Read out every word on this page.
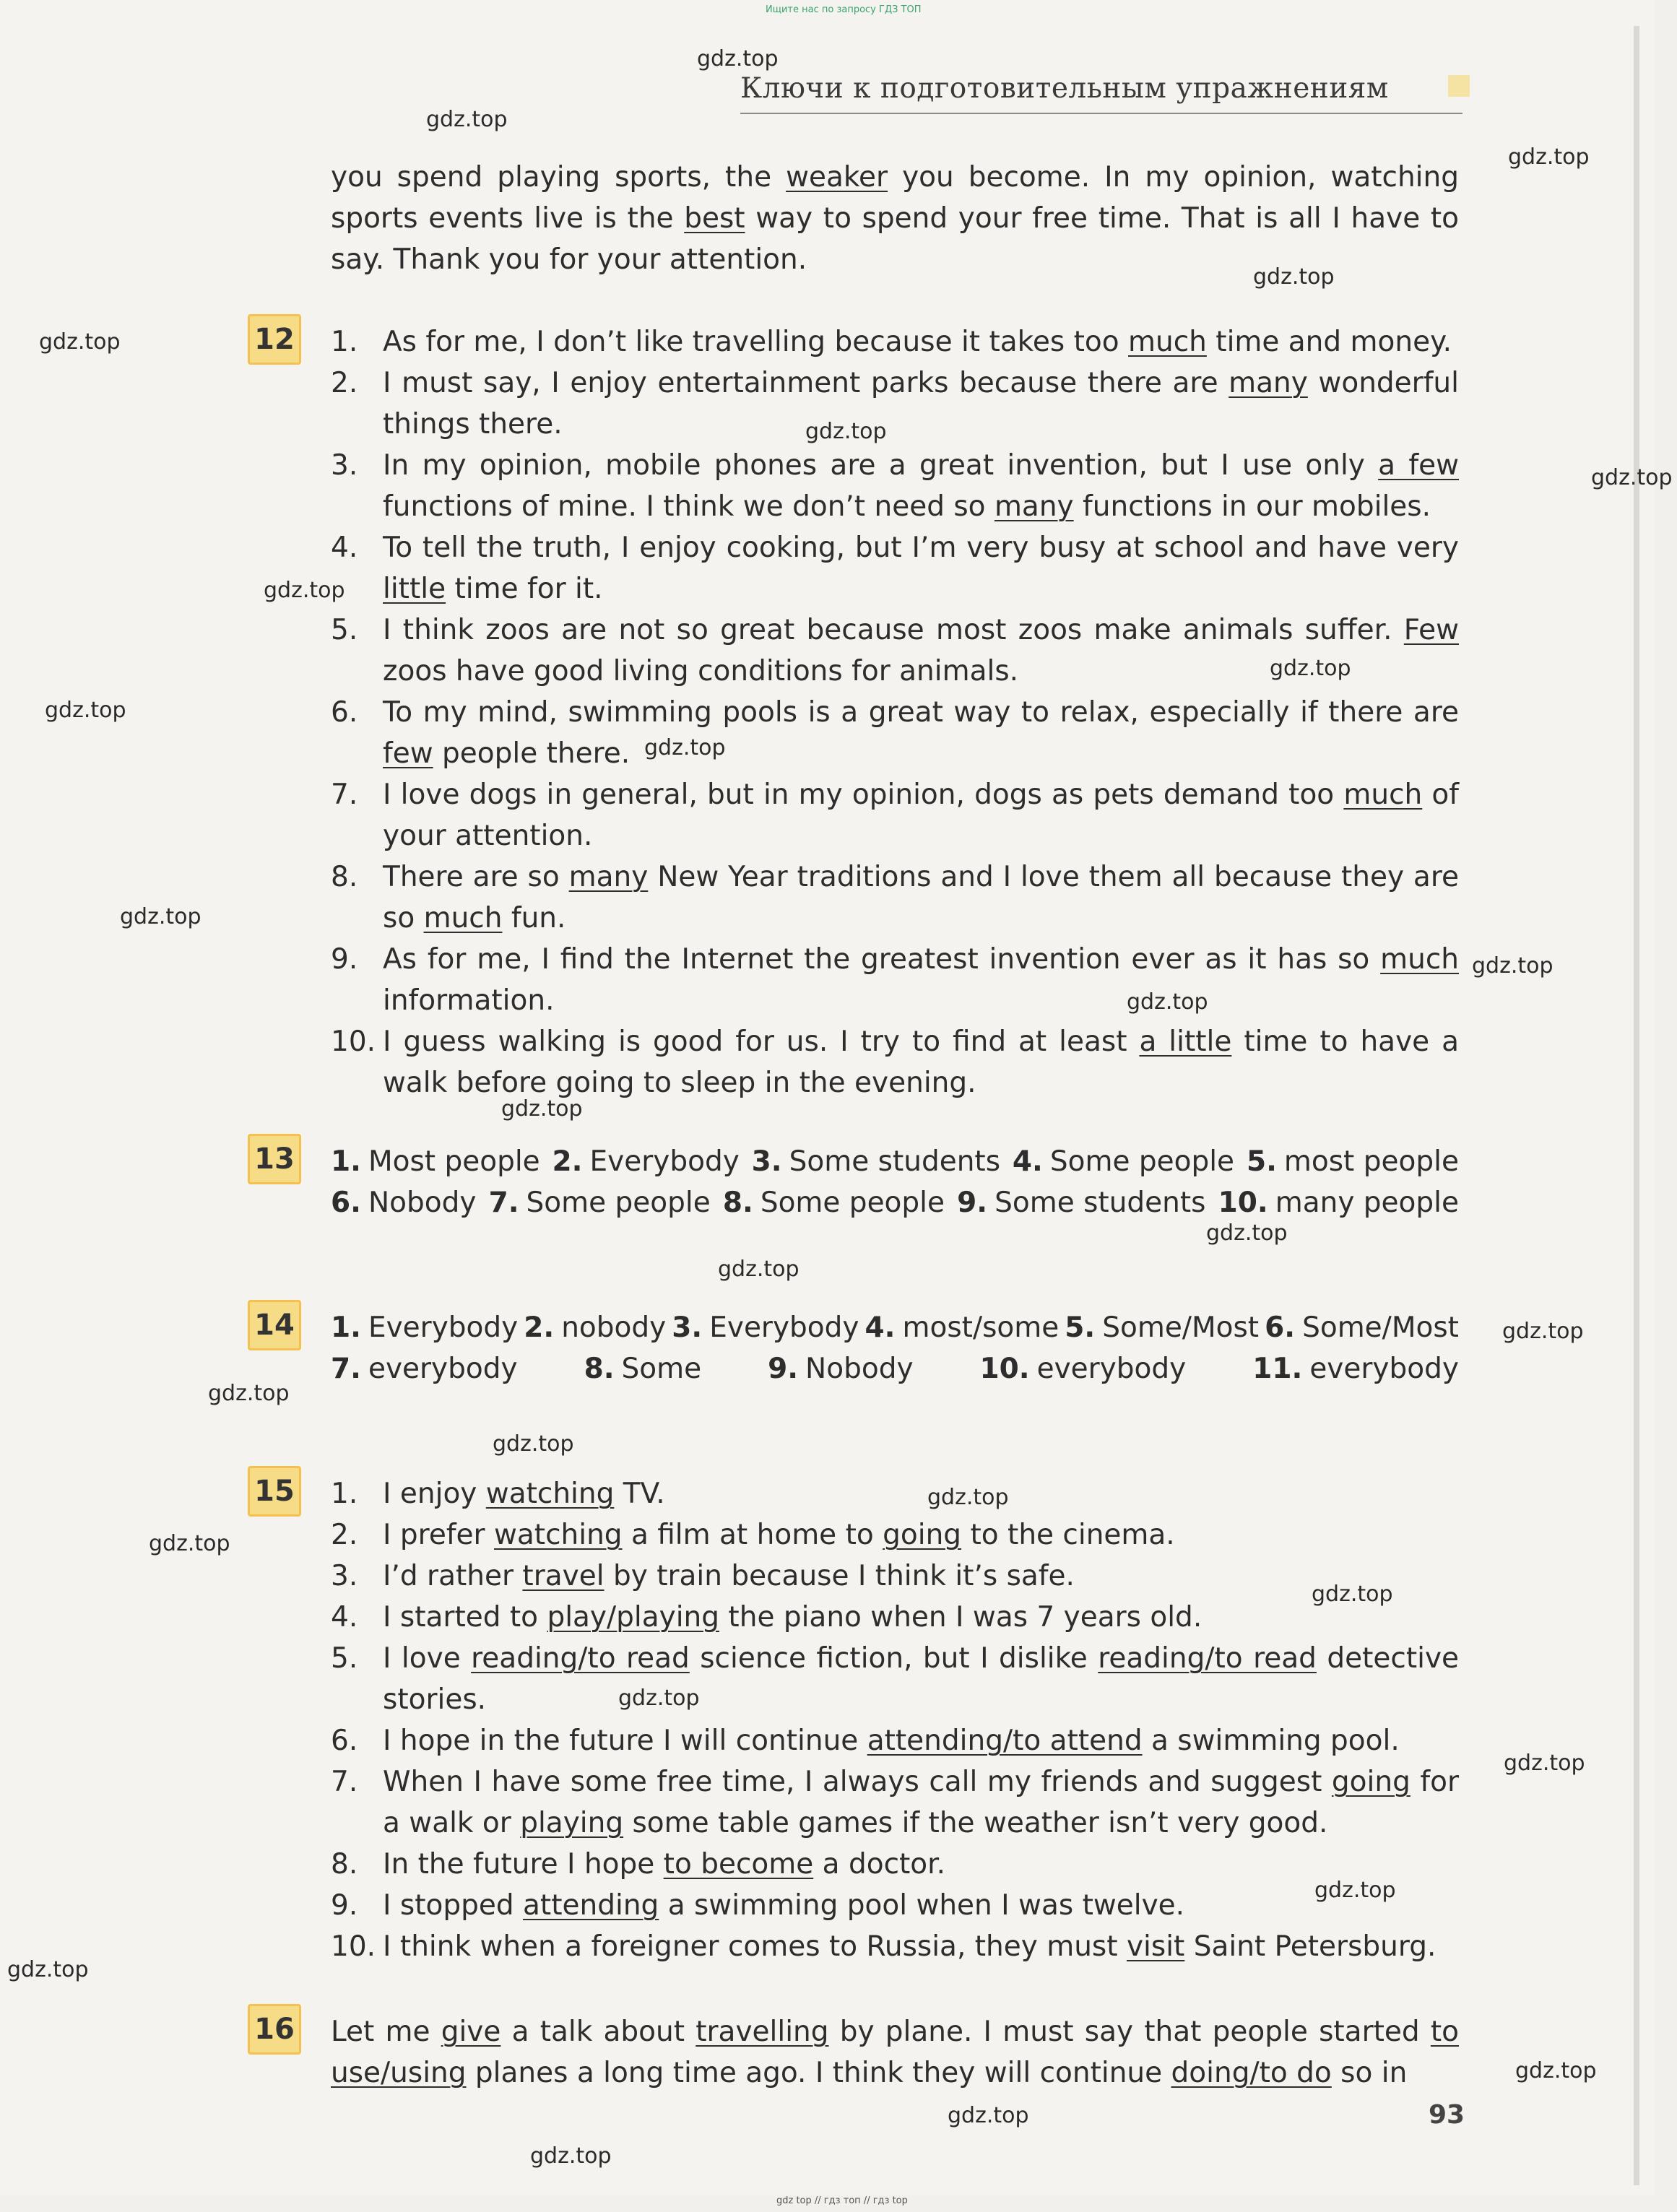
Ищите нас по запросу ГДЗ ТОП
Ключи к подготовительным упражнениям
you spend playing sports, the weaker you become. In my opinion, watching sports events live is the best way to spend your free time. That is all I have to say. Thank you for your attention.
12 1. As for me, I don’t like travelling because it takes too much time and money.
2. I must say, I enjoy entertainment parks because there are many wonderful things there.
3. In my opinion, mobile phones are a great invention, but I use only a few functions of mine. I think we don’t need so many functions in our mobiles.
4. To tell the truth, I enjoy cooking, but I’m very busy at school and have very little time for it.
5. I think zoos are not so great because most zoos make animals suffer. Few zoos have good living conditions for animals.
6. To my mind, swimming pools is a great way to relax, especially if there are few people there.
7. I love dogs in general, but in my opinion, dogs as pets demand too much of your attention.
8. There are so many New Year traditions and I love them all because they are so much fun.
9. As for me, I find the Internet the greatest invention ever as it has so much information.
10. I guess walking is good for us. I try to find at least a little time to have a walk before going to sleep in the evening.
13 1. Most people 2. Everybody 3. Some students 4. Some people 5. most people
6. Nobody 7. Some people 8. Some people 9. Some students 10. many people
14 1. Everybody 2. nobody 3. Everybody 4. most/some 5. Some/Most 6. Some/Most
7. everybody 8. Some 9. Nobody 10. everybody 11. everybody
15 1. I enjoy watching TV.
2. I prefer watching a film at home to going to the cinema.
3. I’d rather travel by train because I think it’s safe.
4. I started to play/playing the piano when I was 7 years old.
5. I love reading/to read science fiction, but I dislike reading/to read detective stories.
6. I hope in the future I will continue attending/to attend a swimming pool.
7. When I have some free time, I always call my friends and suggest going for a walk or playing some table games if the weather isn’t very good.
8. In the future I hope to become a doctor.
9. I stopped attending a swimming pool when I was twelve.
10. I think when a foreigner comes to Russia, they must visit Saint Petersburg.
16 Let me give a talk about travelling by plane. I must say that people started to use/using planes a long time ago. I think they will continue doing/to do so in
93
gdz top // гдз топ // гдз top
gdz.top
gdz.top
gdz.top
gdz.top
gdz.top
gdz.top
gdz.top
gdz.top
gdz.top
gdz.top
gdz.top
gdz.top
gdz.top
gdz.top
gdz.top
gdz.top
gdz.top
gdz.top
gdz.top
gdz.top
gdz.top
gdz.top
gdz.top
gdz.top
gdz.top
gdz.top
gdz.top
gdz.top
gdz.top
gdz.top
